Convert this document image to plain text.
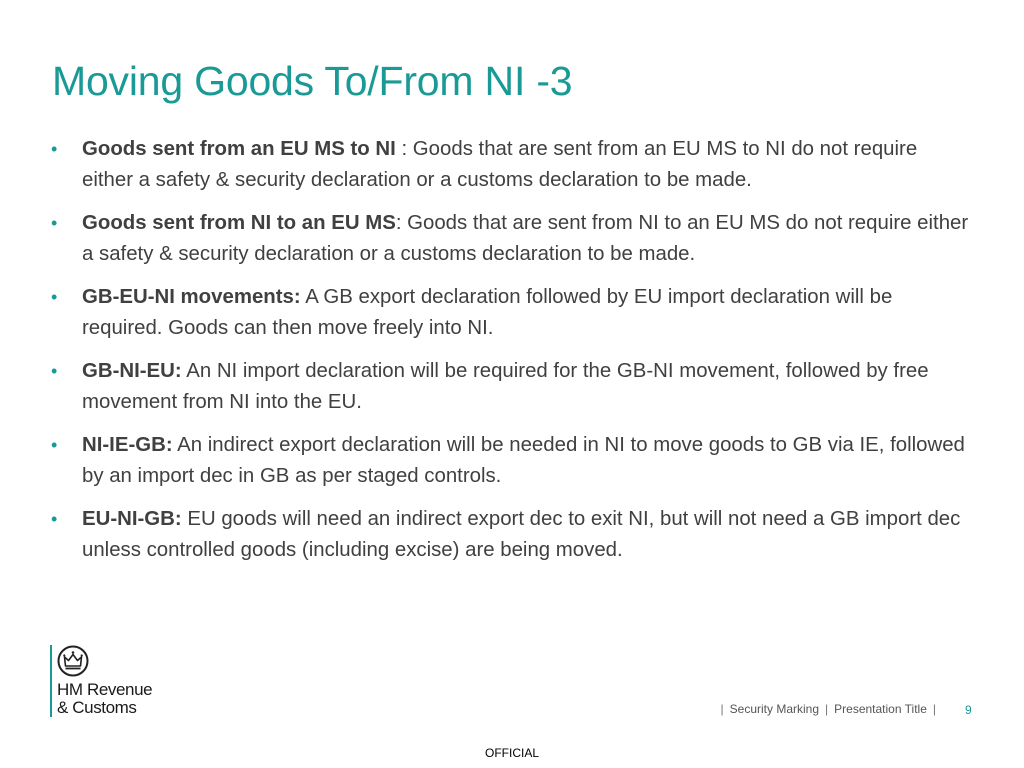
Moving Goods To/From NI -3
• Goods sent from an EU MS to NI : Goods that are sent from an EU MS to NI do not require either a safety & security declaration or a customs declaration to be made.
• Goods sent from NI to an EU MS: Goods that are sent from NI to an EU MS do not require either a safety & security declaration or a customs declaration to be made.
• GB-EU-NI movements: A GB export declaration followed by EU import declaration will be required. Goods can then move freely into NI.
• GB-NI-EU: An NI import declaration will be required for the GB-NI movement, followed by free movement from NI into the EU.
• NI-IE-GB: An indirect export declaration will be needed in NI to move goods to GB via IE, followed by an import dec in GB as per staged controls.
• EU-NI-GB: EU goods will need an indirect export dec to exit NI, but will not need a GB import dec unless controlled goods (including excise) are being moved.
HM Revenue
& Customs	| Security Marking | Presentation Title |	9
OFFICIAL
